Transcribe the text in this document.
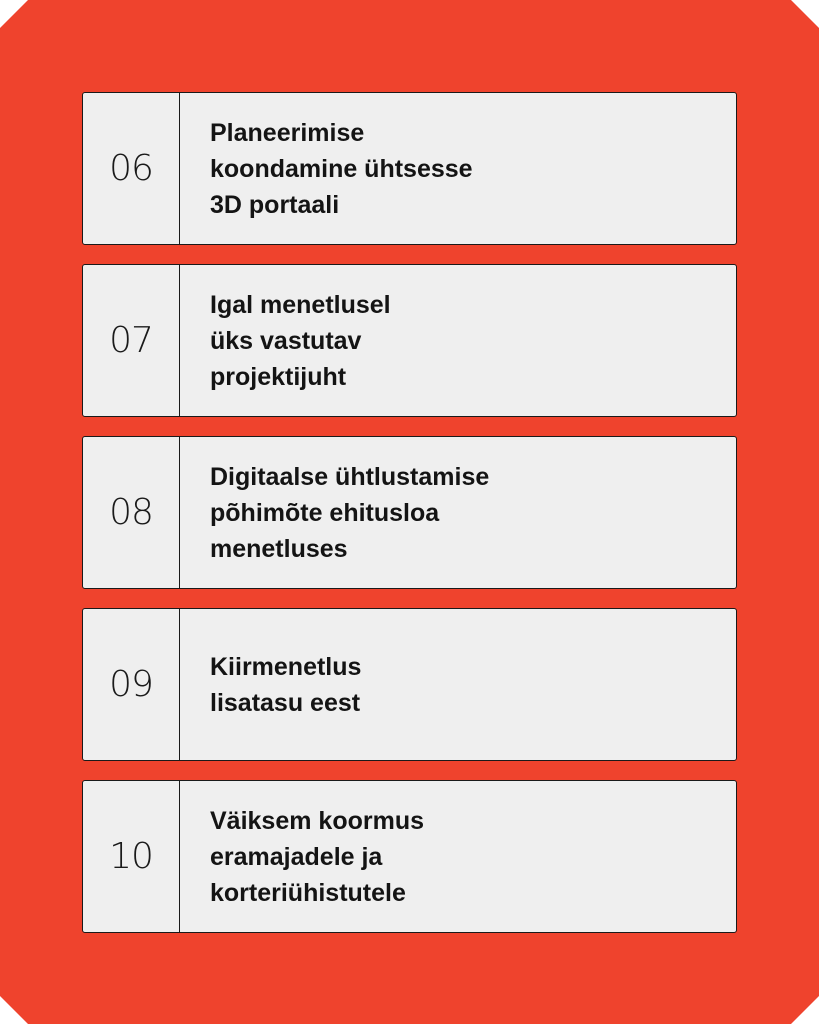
06
Planeerimise
koondamine ühtsesse
3D portaali
07
Igal menetlusel
üks vastutav
projektijuht
08
Digitaalse ühtlustamise
põhimõte ehitusloa
menetluses
09	Kiirmenetlus
lisatasu eest
10
Väiksem koormus
eramajadele ja
korteriühistutele
